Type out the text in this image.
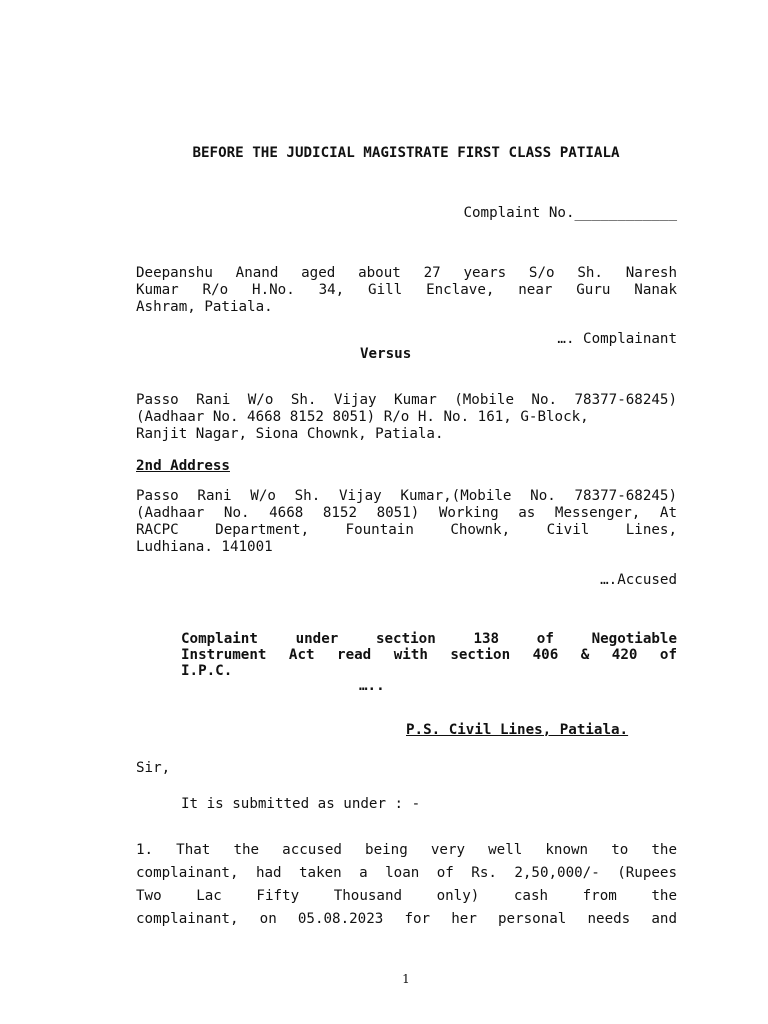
BEFORE THE JUDICIAL MAGISTRATE FIRST CLASS PATIALA
Complaint No.____________
Deepanshu Anand aged about 27 years S/o Sh. Naresh
Kumar R/o H.No. 34, Gill Enclave, near Guru Nanak
Ashram, Patiala.
…. Complainant
Versus
Passo Rani W/o Sh. Vijay Kumar (Mobile No. 78377-68245)
(Aadhaar No. 4668 8152 8051) R/o H. No. 161, G-Block,
Ranjit Nagar, Siona Chownk, Patiala.
2nd Address
Passo Rani W/o Sh. Vijay Kumar,(Mobile No. 78377-68245)
(Aadhaar No. 4668 8152 8051) Working as Messenger, At
RACPC Department, Fountain Chownk, Civil Lines,
Ludhiana. 141001
….Accused
Complaint under section 138 of Negotiable
Instrument Act read with section 406 & 420 of
I.P.C.
…..
P.S. Civil Lines, Patiala.
Sir,
It is submitted as under : -
1. That the accused being very well known to the
complainant, had taken a loan of Rs. 2,50,000/- (Rupees
Two Lac Fifty Thousand only) cash from the
complainant, on 05.08.2023 for her personal needs and
1
